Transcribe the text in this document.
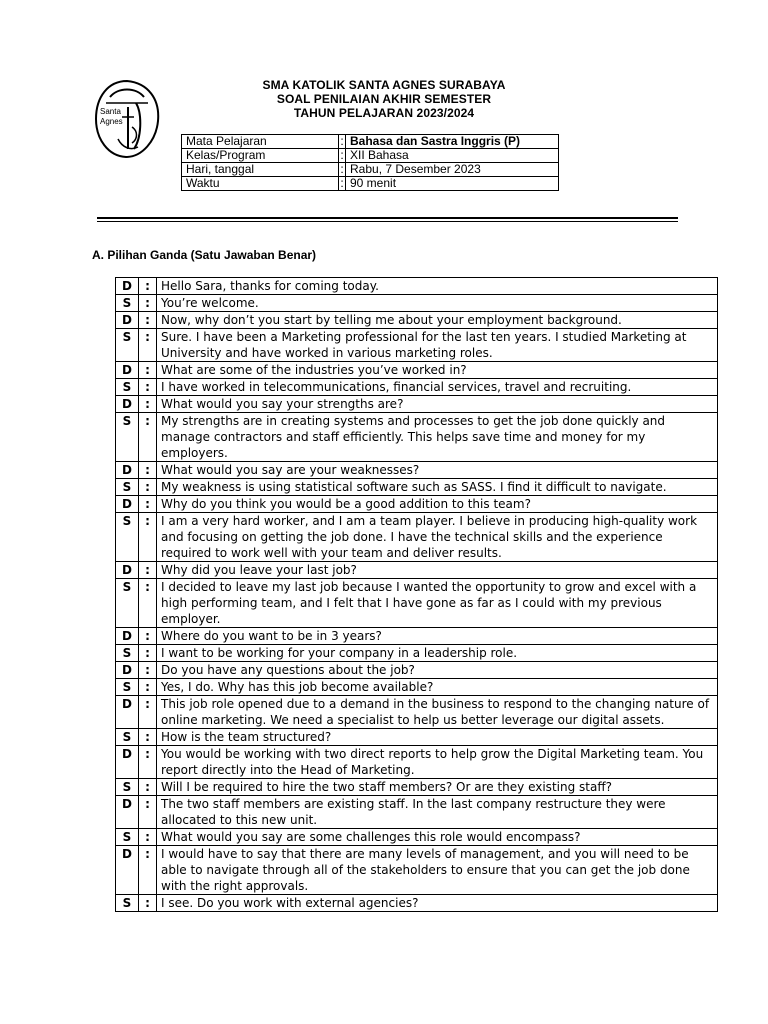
Santa
Agnes
SMA KATOLIK SANTA AGNES SURABAYA
SOAL PENILAIAN AKHIR SEMESTER
TAHUN PELAJARAN 2023/2024
Mata Pelajaran	:	Bahasa dan Sastra Inggris (P)
Kelas/Program	:	XII Bahasa
Hari, tanggal	:	Rabu, 7 Desember 2023
Waktu	:	90 menit
A. Pilihan Ganda (Satu Jawaban Benar)
D	:	Hello Sara, thanks for coming today.
S	:	You’re welcome.
D	:	Now, why don’t you start by telling me about your employment background.
S	:	Sure. I have been a Marketing professional for the last ten years. I studied Marketing at University and have worked in various marketing roles.
D	:	What are some of the industries you’ve worked in?
S	:	I have worked in telecommunications, financial services, travel and recruiting.
D	:	What would you say your strengths are?
S	:	My strengths are in creating systems and processes to get the job done quickly and manage contractors and staff efficiently. This helps save time and money for my employers.
D	:	What would you say are your weaknesses?
S	:	My weakness is using statistical software such as SASS. I find it difficult to navigate.
D	:	Why do you think you would be a good addition to this team?
S	:	I am a very hard worker, and I am a team player. I believe in producing high-quality work and focusing on getting the job done. I have the technical skills and the experience required to work well with your team and deliver results.
D	:	Why did you leave your last job?
S	:	I decided to leave my last job because I wanted the opportunity to grow and excel with a high performing team, and I felt that I have gone as far as I could with my previous employer.
D	:	Where do you want to be in 3 years?
S	:	I want to be working for your company in a leadership role.
D	:	Do you have any questions about the job?
S	:	Yes, I do. Why has this job become available?
D	:	This job role opened due to a demand in the business to respond to the changing nature of online marketing. We need a specialist to help us better leverage our digital assets.
S	:	How is the team structured?
D	:	You would be working with two direct reports to help grow the Digital Marketing team. You report directly into the Head of Marketing.
S	:	Will I be required to hire the two staff members? Or are they existing staff?
D	:	The two staff members are existing staff. In the last company restructure they were allocated to this new unit.
S	:	What would you say are some challenges this role would encompass?
D	:	I would have to say that there are many levels of management, and you will need to be able to navigate through all of the stakeholders to ensure that you can get the job done with the right approvals.
S	:	I see. Do you work with external agencies?
